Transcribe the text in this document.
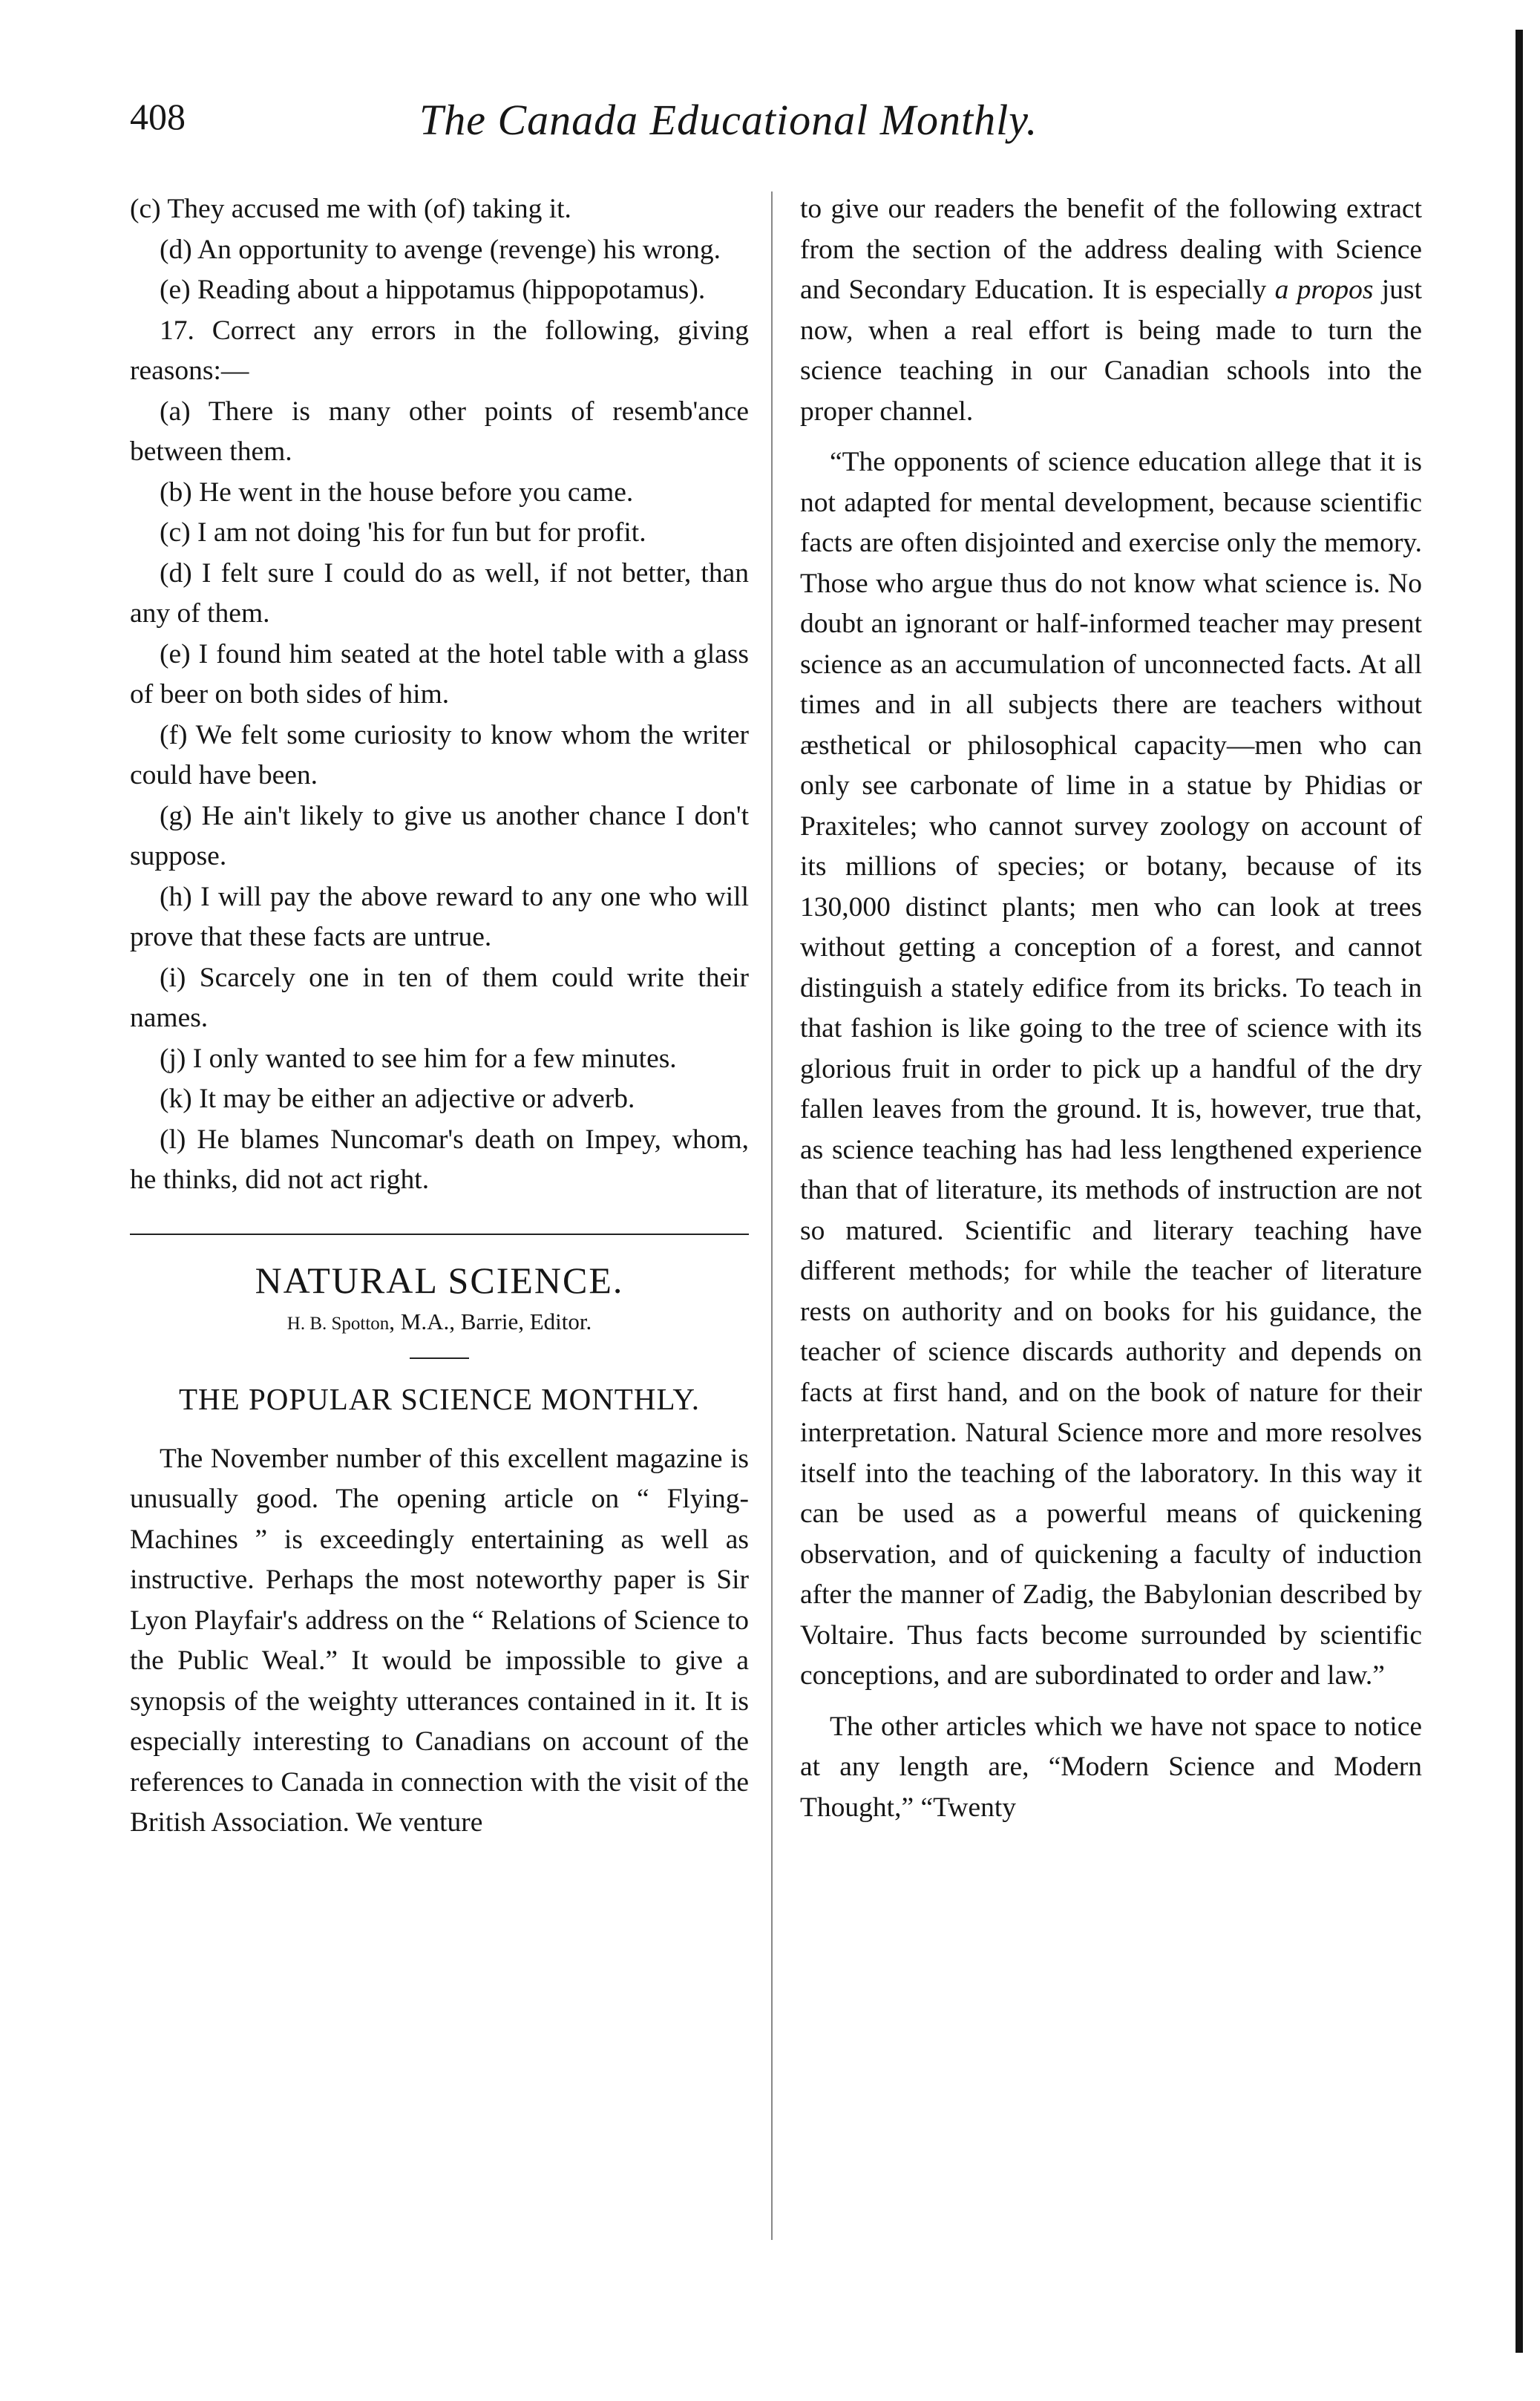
408	The Canada Educational Monthly.

(c) They accused me with (of) taking it.

(d) An opportunity to avenge (revenge) his wrong.

(e) Reading about a hippotamus (hippopotamus).

17. Correct any errors in the following, giving reasons:—

(a) There is many other points of resemb'ance between them.

(b) He went in the house before you came.

(c) I am not doing 'his for fun but for profit.

(d) I felt sure I could do as well, if not better, than any of them.

(e) I found him seated at the hotel table with a glass of beer on both sides of him.

(f) We felt some curiosity to know whom the writer could have been.

(g) He ain't likely to give us another chance I don't suppose.

(h) I will pay the above reward to any one who will prove that these facts are untrue.

(i) Scarcely one in ten of them could write their names.

(j) I only wanted to see him for a few minutes.

(k) It may be either an adjective or adverb.

(l) He blames Nuncomar's death on Impey, whom, he thinks, did not act right.

NATURAL SCIENCE.
H. B. Spotton, M.A., Barrie, Editor.
THE POPULAR SCIENCE MONTHLY.

The November number of this excellent magazine is unusually good. The opening article on “ Flying-Machines ” is exceedingly entertaining as well as instructive. Perhaps the most noteworthy paper is Sir Lyon Playfair's address on the “ Relations of Science to the Public Weal.” It would be impossible to give a synopsis of the weighty utterances contained in it. It is especially interesting to Canadians on account of the references to Canada in connection with the visit of the British Association. We venture

to give our readers the benefit of the following extract from the section of the address dealing with Science and Secondary Education. It is especially a propos just now, when a real effort is being made to turn the science teaching in our Canadian schools into the proper channel.

“The opponents of science education allege that it is not adapted for mental development, because scientific facts are often disjointed and exercise only the memory. Those who argue thus do not know what science is. No doubt an ignorant or half-informed teacher may present science as an accumulation of unconnected facts. At all times and in all subjects there are teachers without æsthetical or philosophical capacity—men who can only see carbonate of lime in a statue by Phidias or Praxiteles; who cannot survey zoology on account of its millions of species; or botany, because of its 130,000 distinct plants; men who can look at trees without getting a conception of a forest, and cannot distinguish a stately edifice from its bricks. To teach in that fashion is like going to the tree of science with its glorious fruit in order to pick up a handful of the dry fallen leaves from the ground. It is, however, true that, as science teaching has had less lengthened experience than that of literature, its methods of instruction are not so matured. Scientific and literary teaching have different methods; for while the teacher of literature rests on authority and on books for his guidance, the teacher of science discards authority and depends on facts at first hand, and on the book of nature for their interpretation. Natural Science more and more resolves itself into the teaching of the laboratory. In this way it can be used as a powerful means of quickening observation, and of quickening a faculty of induction after the manner of Zadig, the Babylonian described by Voltaire. Thus facts become surrounded by scientific conceptions, and are subordinated to order and law.”

The other articles which we have not space to notice at any length are, “Modern Science and Modern Thought,” “Twenty
